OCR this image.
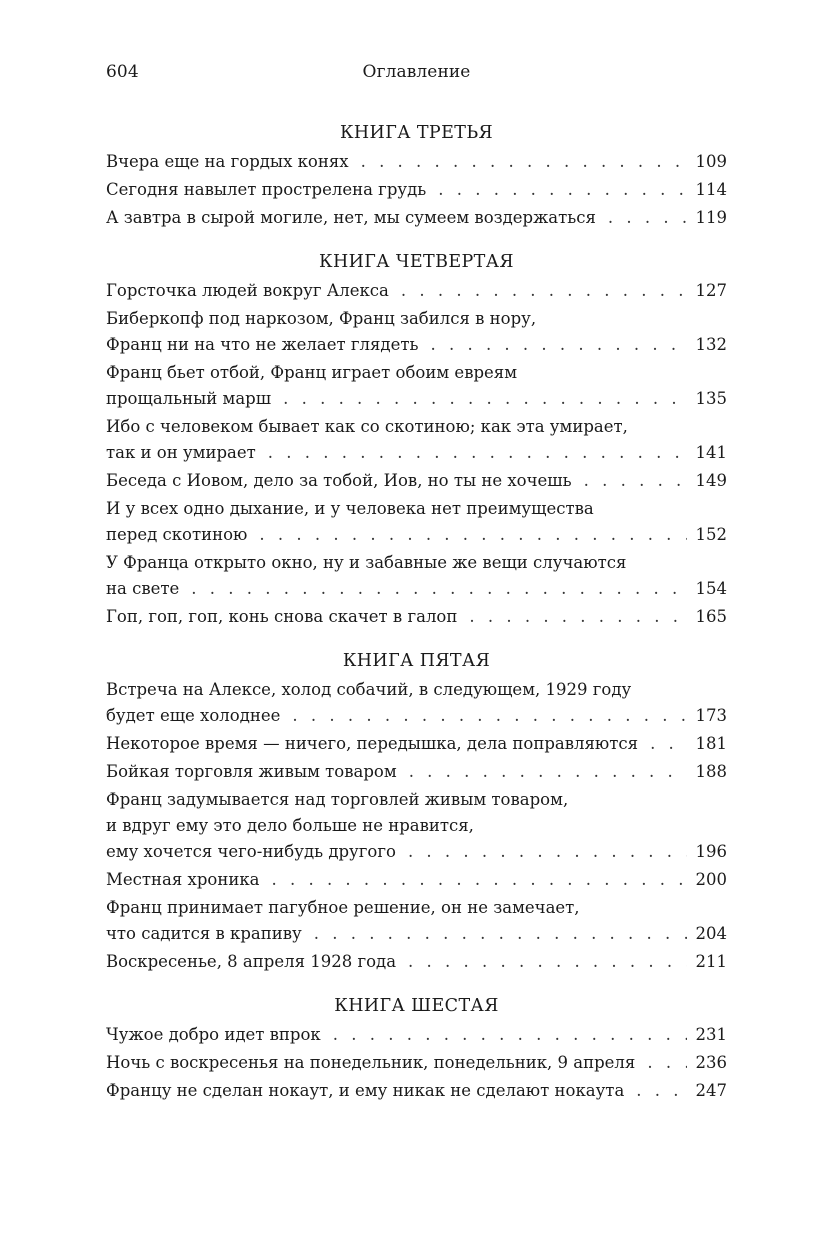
604	Оглавление
КНИГА ТРЕТЬЯ
Вчера еще на гордых конях . . .	109
Сегодня навылет прострелена грудь . . .	114
А завтра в сырой могиле, нет, мы сумеем воздержаться . . .	119
КНИГА ЧЕТВЕРТАЯ
Горсточка людей вокруг Алекса . . .	127
Биберкопф под наркозом, Франц забился в нору,
Франц ни на что не желает глядеть . . .	132
Франц бьет отбой, Франц играет обоим евреям
прощальный марш . . .	135
Ибо с человеком бывает как со скотиною; как эта умирает,
так и он умирает . . .	141
Беседа с Иовом, дело за тобой, Иов, но ты не хочешь . . .	149
И у всех одно дыхание, и у человека нет преимущества
перед скотиною . . .	152
У Франца открыто окно, ну и забавные же вещи случаются
на свете . . .	154
Гоп, гоп, гоп, конь снова скачет в галоп . . .	165
КНИГА ПЯТАЯ
Встреча на Алексе, холод собачий, в следующем, 1929 году
будет еще холоднее . . .	173
Некоторое время — ничего, передышка, дела поправляются . . .	181
Бойкая торговля живым товаром . . .	188
Франц задумывается над торговлей живым товаром,
и вдруг ему это дело больше не нравится,
ему хочется чего-нибудь другого . . .	196
Местная хроника . . .	200
Франц принимает пагубное решение, он не замечает,
что садится в крапиву . . .	204
Воскресенье, 8 апреля 1928 года . . .	211
КНИГА ШЕСТАЯ
Чужое добро идет впрок . . .	231
Ночь с воскресенья на понедельник, понедельник, 9 апреля . . .	236
Францу не сделан нокаут, и ему никак не сделают нокаута . . .	247
